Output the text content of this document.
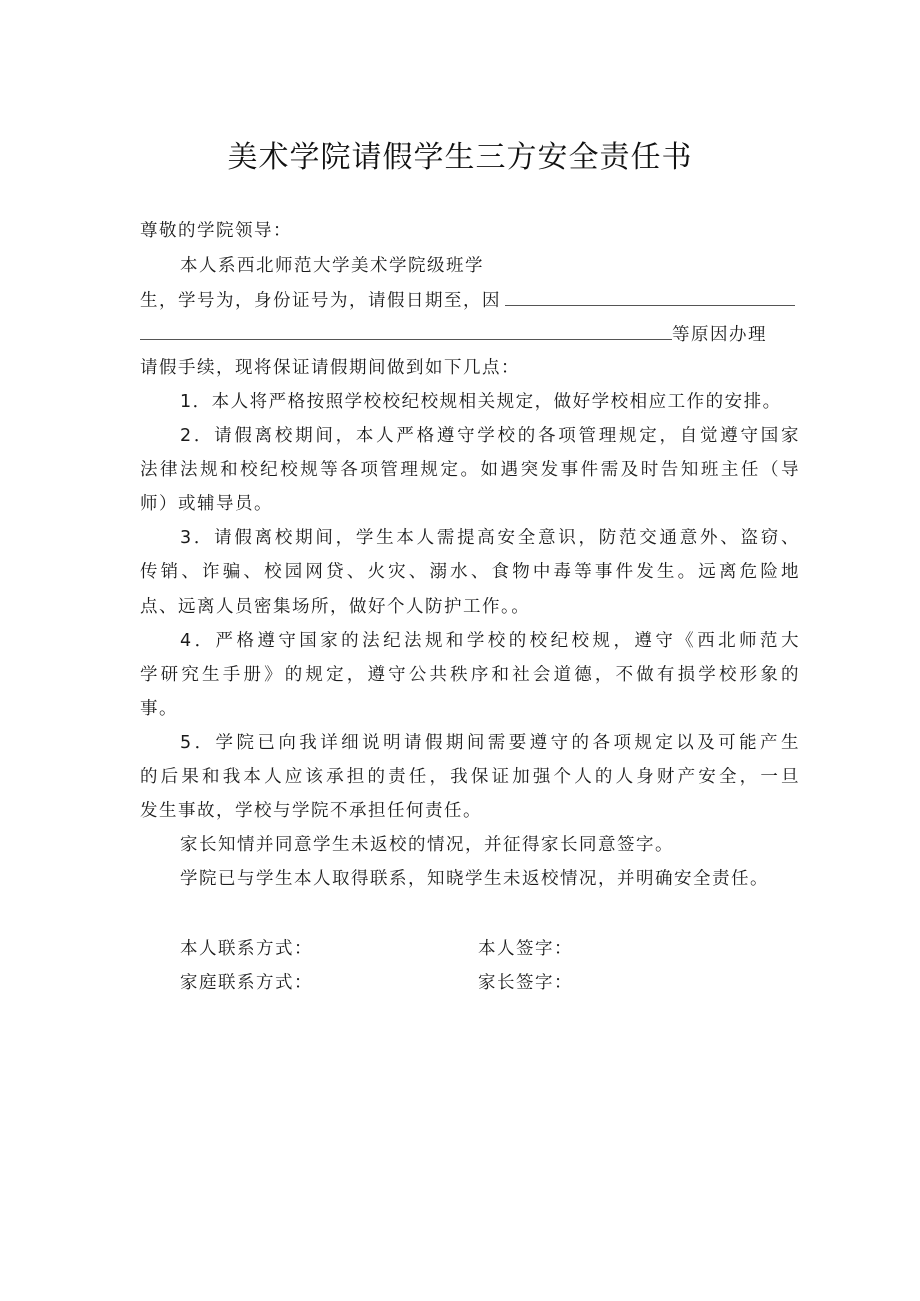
美术学院请假学生三方安全责任书
尊敬的学院领导：
本人系西北师范大学美术学院级班学
生，学号为，身份证号为，请假日期至，因
等原因办理
请假手续，现将保证请假期间做到如下几点：
1．本人将严格按照学校校纪校规相关规定，做好学校相应工作的安排。
2．请假离校期间，本人严格遵守学校的各项管理规定，自觉遵守国家
法律法规和校纪校规等各项管理规定。如遇突发事件需及时告知班主任（导
师）或辅导员。
3．请假离校期间，学生本人需提高安全意识，防范交通意外、盗窃、
传销、诈骗、校园网贷、火灾、溺水、食物中毒等事件发生。远离危险地
点、远离人员密集场所，做好个人防护工作。。
4．严格遵守国家的法纪法规和学校的校纪校规，遵守《西北师范大
学研究生手册》的规定，遵守公共秩序和社会道德，不做有损学校形象的
事。
5．学院已向我详细说明请假期间需要遵守的各项规定以及可能产生
的后果和我本人应该承担的责任，我保证加强个人的人身财产安全，一旦
发生事故，学校与学院不承担任何责任。
家长知情并同意学生未返校的情况，并征得家长同意签字。
学院已与学生本人取得联系，知晓学生未返校情况，并明确安全责任。
本人联系方式：	本人签字：
家庭联系方式：	家长签字：
